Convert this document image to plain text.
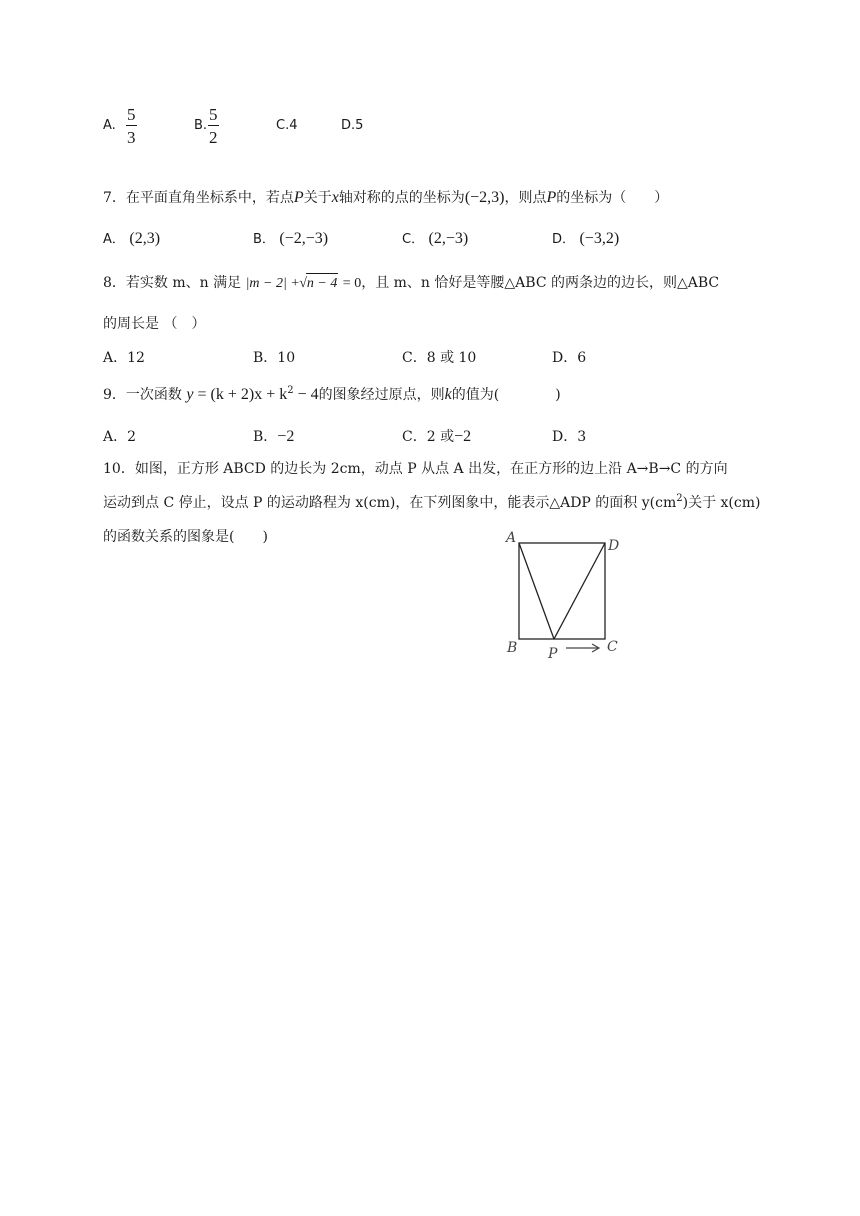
A. $\frac{5}{3}$	B. $\frac{5}{2}$	C.4	D.5
7．在平面直角坐标系中，若点P关于x轴对称的点的坐标为(−2,3)，则点P的坐标为（　　）
A． (2,3)	B． (−2,−3)	C． (2,−3)	D． (−3,2)
8．若实数 m、n 满足 |m − 2| +√n − 4 = 0，且 m、n 恰好是等腰△ABC 的两条边的边长，则△ABC
的周长是 （　）
A．12	B．10	C．8 或 10	D．6
9．一次函数 $y = (k + 2)x + k^2 - 4$的图象经过原点，则k的值为(　　　　)
A．2	B．−2	C．2 或−2	D．3
10．如图，正方形 ABCD 的边长为 2cm，动点 P 从点 A 出发，在正方形的边上沿 A→B→C 的方向
运动到点 C 停止，设点 P 的运动路程为 x(cm)，在下列图象中，能表示△ADP 的面积 $y(cm^2)$关于 x(cm)
的函数关系的图象是(　　)	A	D
B	C
P
